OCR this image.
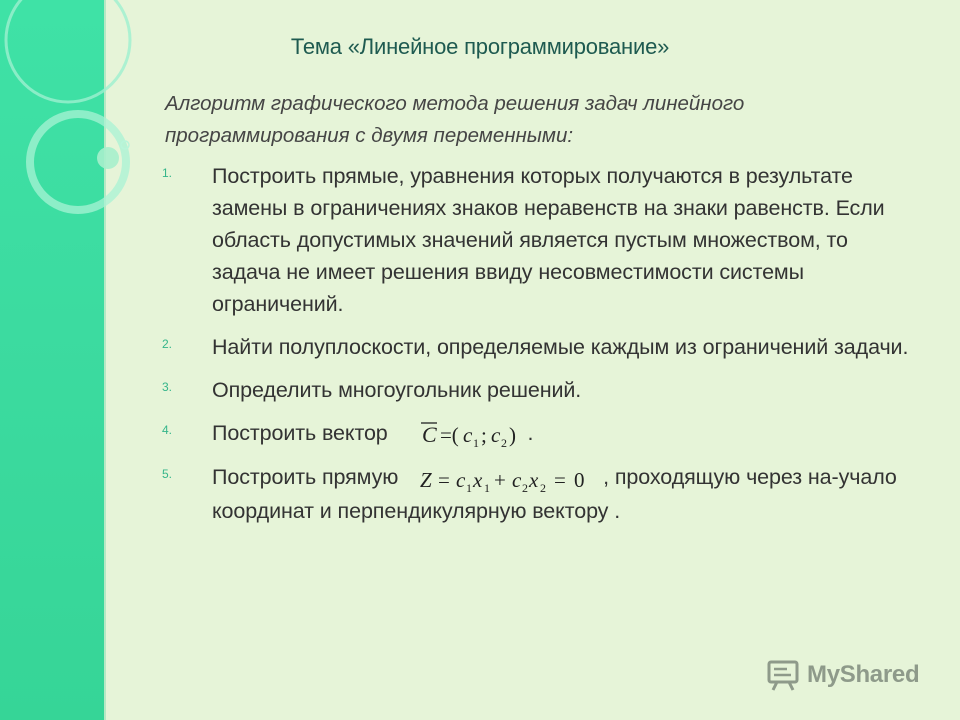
Тема «Линейное программирование»
Алгоритм графического метода решения задач линейного программирования с двумя переменными:
1. Построить прямые, уравнения которых получаются в результате замены в ограничениях знаков неравенств на знаки равенств. Если область допустимых значений является пустым множеством, то задача не имеет решения ввиду несовместимости системы ограничений.
2. Найти полуплоскости, определяемые каждым из ограничений задачи.
3. Определить многоугольник решений.
4. Построить вектор C =( c 1 ; c 2 ) .
5. Построить прямую Z = c 1 x 1 + c 2 x 2 = 0 , проходящую через на-учало координат и перпендикулярную вектору .
MyShared
